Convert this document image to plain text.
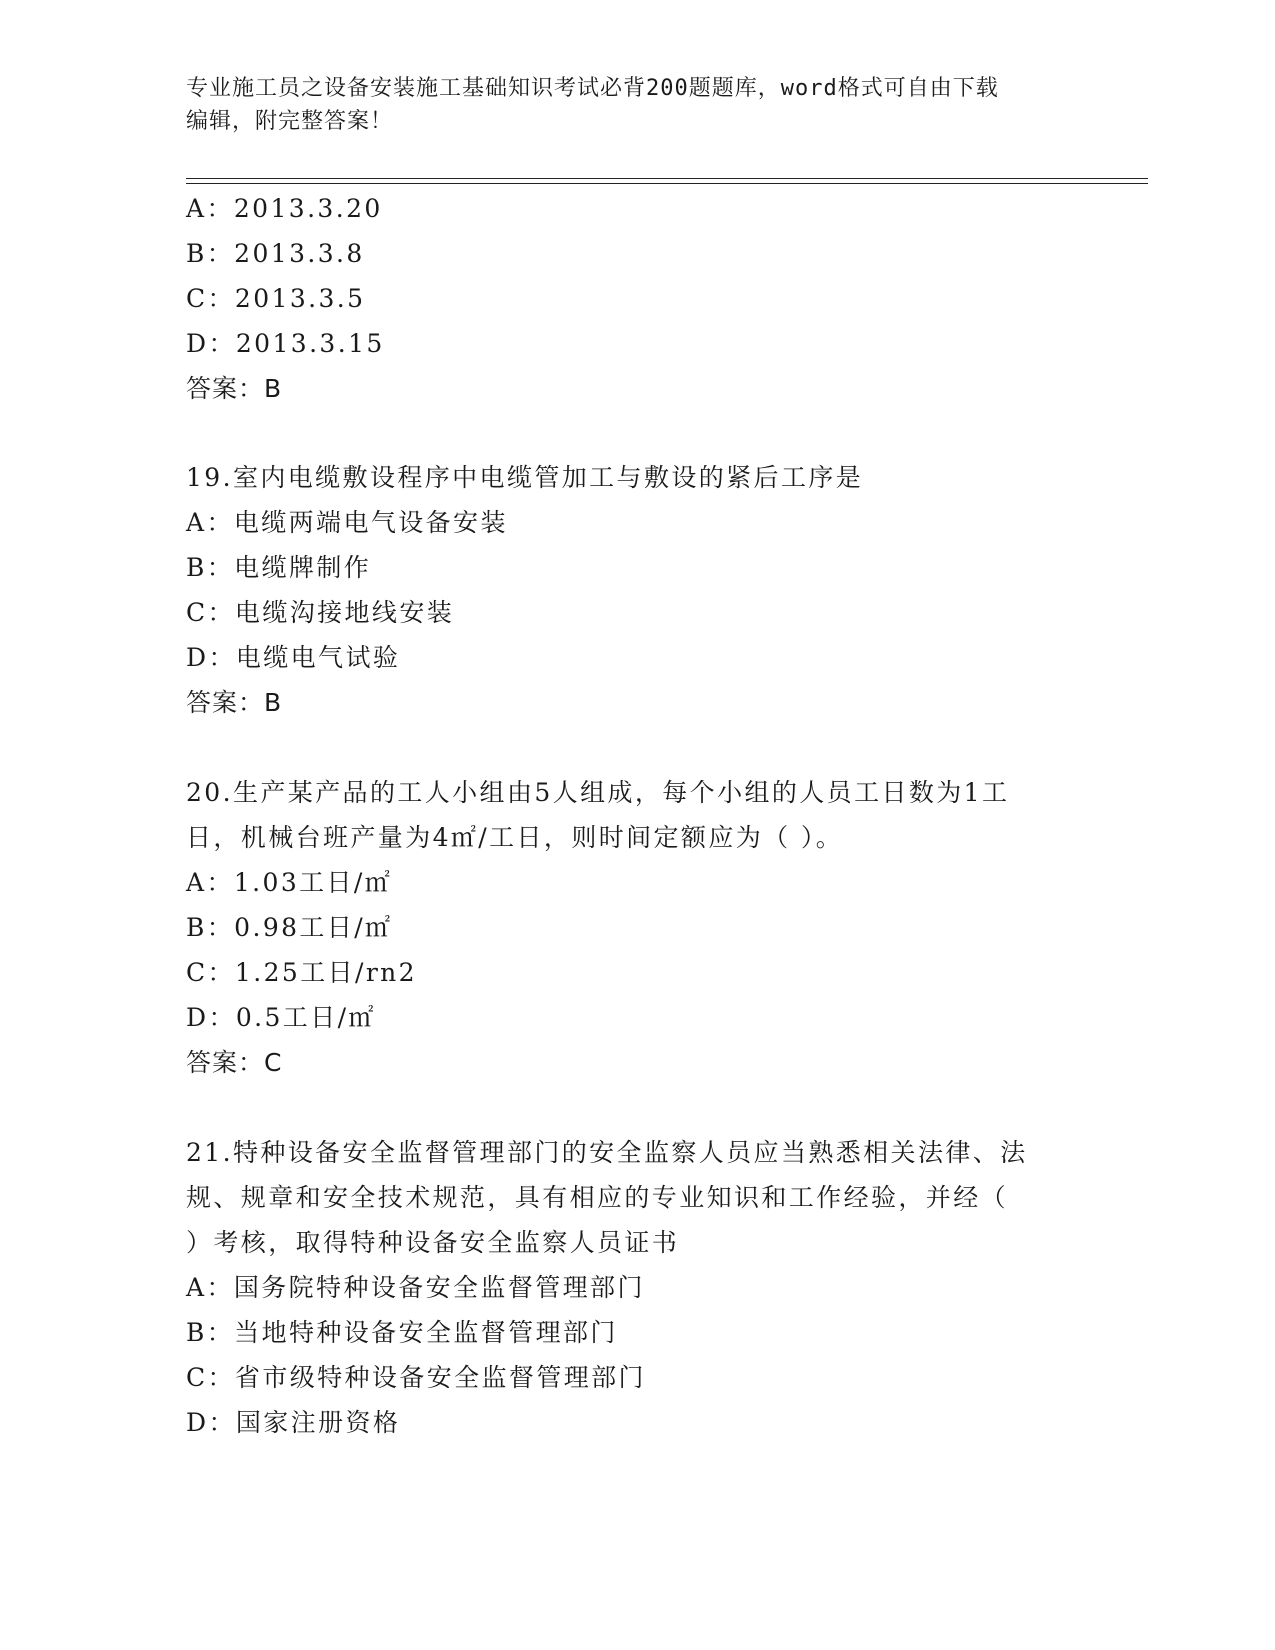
专业施工员之设备安装施工基础知识考试必背200题题库，word格式可自由下载
编辑，附完整答案！
A：2013.3.20
B：2013.3.8
C：2013.3.5
D：2013.3.15
答案：B
19.室内电缆敷设程序中电缆管加工与敷设的紧后工序是
A：电缆两端电气设备安装
B：电缆牌制作
C：电缆沟接地线安装
D：电缆电气试验
答案：B
20.生产某产品的工人小组由5人组成，每个小组的人员工日数为1工
日，机械台班产量为4㎡/工日，则时间定额应为（ ）。
A：1.03工日/㎡
B：0.98工日/㎡
C：1.25工日/rn2
D：0.5工日/㎡
答案：C
21.特种设备安全监督管理部门的安全监察人员应当熟悉相关法律、法
规、规章和安全技术规范，具有相应的专业知识和工作经验，并经（
）考核，取得特种设备安全监察人员证书
A：国务院特种设备安全监督管理部门
B：当地特种设备安全监督管理部门
C：省市级特种设备安全监督管理部门
D：国家注册资格
